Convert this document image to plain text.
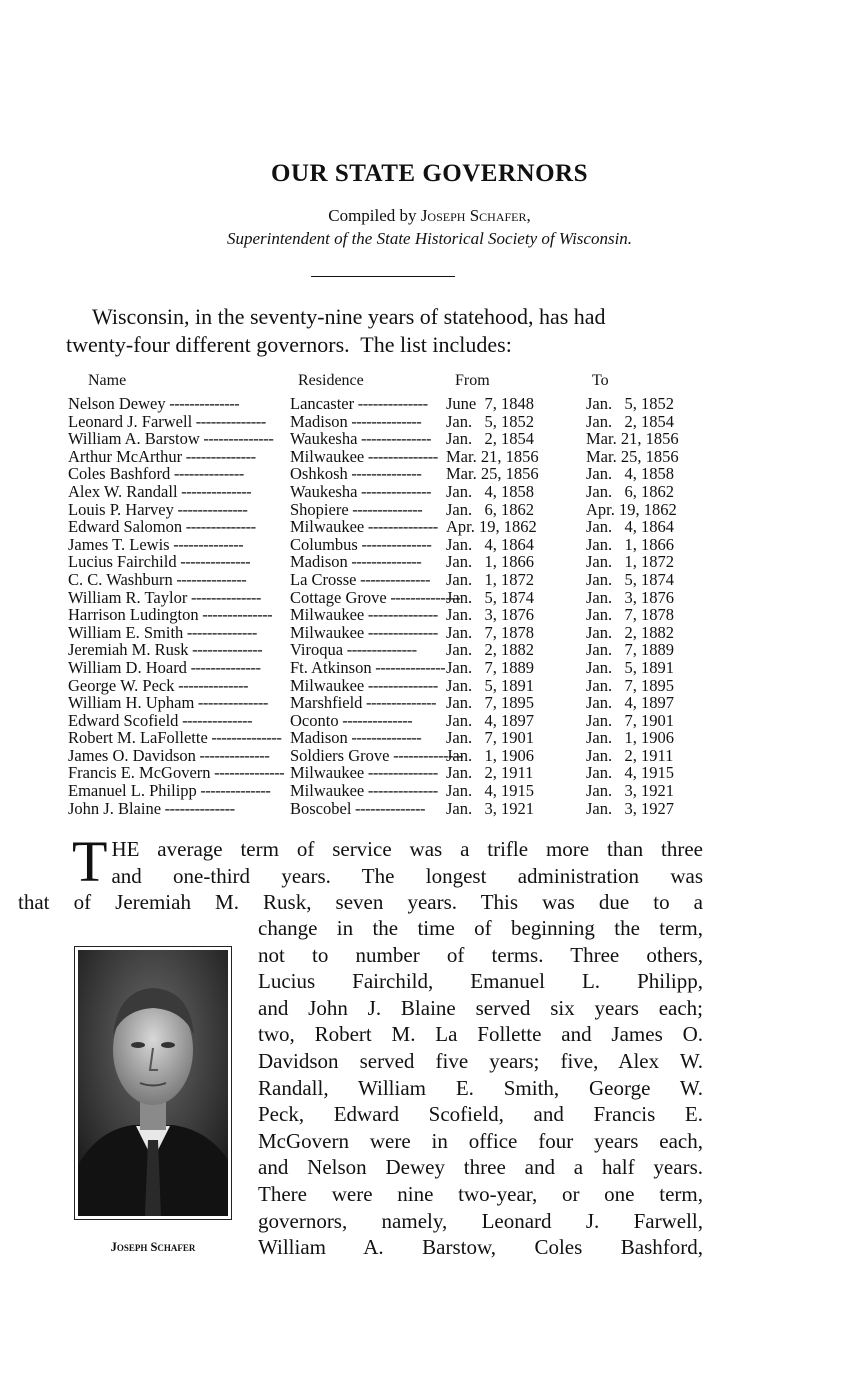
OUR STATE GOVERNORS
Compiled by Joseph Schafer,
Superintendent of the State Historical Society of Wisconsin.
Wisconsin, in the seventy-nine years of statehood, has had
twenty-four different governors.  The list includes:
Name	Residence	From	To
Nelson Dewey --------------	Lancaster --------------	June  7, 1848	Jan.   5, 1852
Leonard J. Farwell --------------	Madison --------------	Jan.   5, 1852	Jan.   2, 1854
William A. Barstow --------------	Waukesha --------------	Jan.   2, 1854	Mar. 21, 1856
Arthur McArthur --------------	Milwaukee --------------	Mar. 21, 1856	Mar. 25, 1856
Coles Bashford --------------	Oshkosh --------------	Mar. 25, 1856	Jan.   4, 1858
Alex W. Randall --------------	Waukesha --------------	Jan.   4, 1858	Jan.   6, 1862
Louis P. Harvey --------------	Shopiere --------------	Jan.   6, 1862	Apr. 19, 1862
Edward Salomon --------------	Milwaukee --------------	Apr. 19, 1862	Jan.   4, 1864
James T. Lewis --------------	Columbus --------------	Jan.   4, 1864	Jan.   1, 1866
Lucius Fairchild --------------	Madison --------------	Jan.   1, 1866	Jan.   1, 1872
C. C. Washburn --------------	La Crosse --------------	Jan.   1, 1872	Jan.   5, 1874
William R. Taylor --------------	Cottage Grove --------------	Jan.   5, 1874	Jan.   3, 1876
Harrison Ludington --------------	Milwaukee --------------	Jan.   3, 1876	Jan.   7, 1878
William E. Smith --------------	Milwaukee --------------	Jan.   7, 1878	Jan.   2, 1882
Jeremiah M. Rusk --------------	Viroqua --------------	Jan.   2, 1882	Jan.   7, 1889
William D. Hoard --------------	Ft. Atkinson --------------	Jan.   7, 1889	Jan.   5, 1891
George W. Peck --------------	Milwaukee --------------	Jan.   5, 1891	Jan.   7, 1895
William H. Upham --------------	Marshfield --------------	Jan.   7, 1895	Jan.   4, 1897
Edward Scofield --------------	Oconto --------------	Jan.   4, 1897	Jan.   7, 1901
Robert M. LaFollette --------------	Madison --------------	Jan.   7, 1901	Jan.   1, 1906
James O. Davidson --------------	Soldiers Grove --------------	Jan.   1, 1906	Jan.   2, 1911
Francis E. McGovern --------------	Milwaukee --------------	Jan.   2, 1911	Jan.   4, 1915
Emanuel L. Philipp --------------	Milwaukee --------------	Jan.   4, 1915	Jan.   3, 1921
John J. Blaine --------------	Boscobel --------------	Jan.   3, 1921	Jan.   3, 1927
T HE average term of service was a trifle more than three
and one-third years. The longest administration was
that of Jeremiah M. Rusk, seven years. This was due to a
change in the time of beginning the term,
not to number of terms. Three others,
Lucius Fairchild, Emanuel L. Philipp,
and John J. Blaine served six years each;
two, Robert M. La Follette and James O.
Davidson served five years; five, Alex W.
Randall, William E. Smith, George W.
Peck, Edward Scofield, and Francis E.
McGovern were in office four years each,
and Nelson Dewey three and a half years.
There were nine two-year, or one term,
governors, namely, Leonard J. Farwell,
William A. Barstow, Coles Bashford,
Joseph Schafer
